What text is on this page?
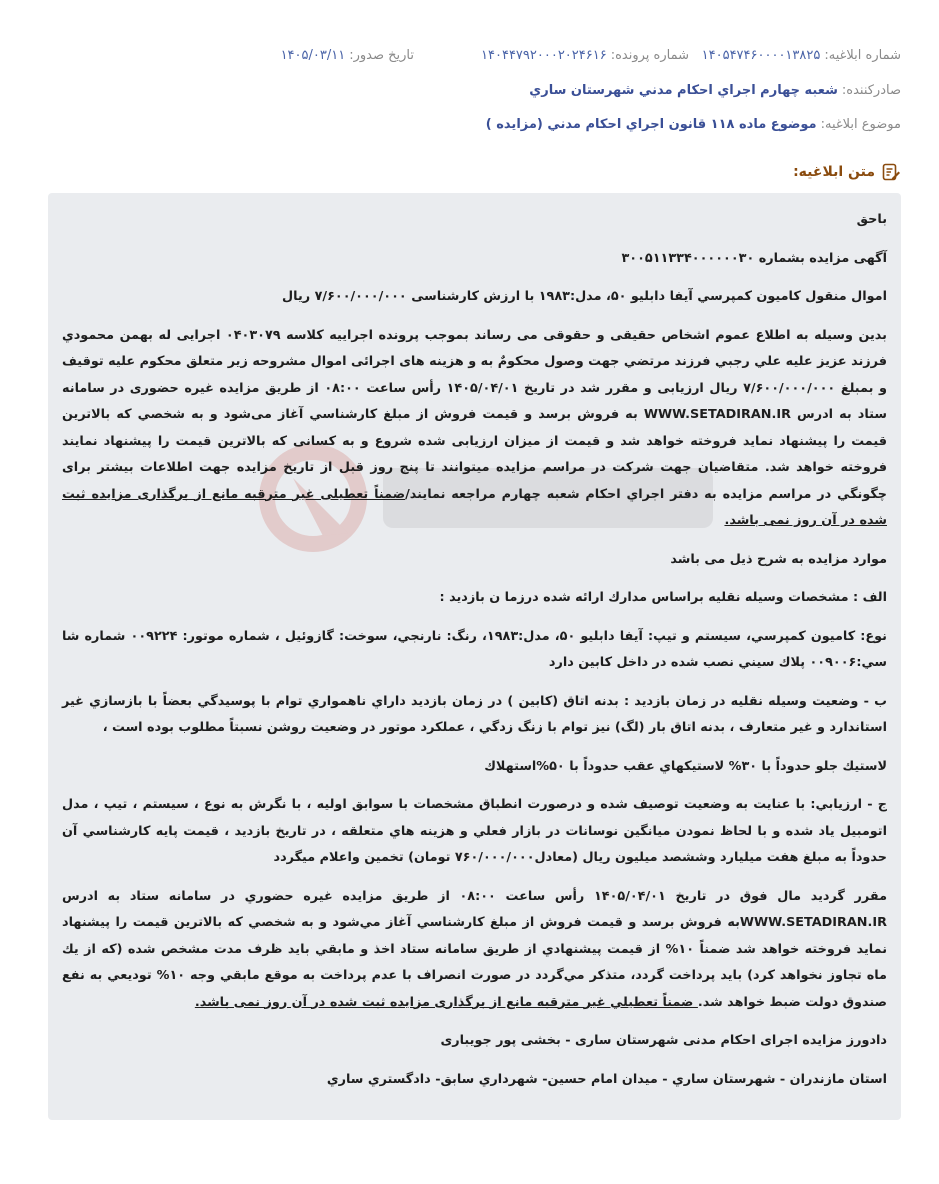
شماره ابلاغیه:
۱۴۰۵۴۷۴۶۰۰۰۰۱۳۸۲۵
شماره پرونده:
۱۴۰۴۴۷۹۲۰۰۰۲۰۲۴۶۱۶
تاریخ صدور:
۱۴۰۵/۰۳/۱۱
صادرکننده:
شعبه چهارم اجراي احكام مدني شهرستان ساري
موضوع ابلاغیه:
موضوع ماده ۱۱۸ قانون اجراي احكام مدني (مزايده )
متن ابلاغیه:

باحق

آگهی مزایده بشماره ۳۰۰۵۱۱۳۳۴۰۰۰۰۰۰۳۰

اموال منقول كاميون كمپرسي آيفا دابليو ۵۰، مدل:۱۹۸۳ با ارزش كارشناسی ۷/۶۰۰/۰۰۰/۰۰۰ ريال

بدين وسيله به اطلاع عموم اشخاص حقيقی و حقوقی می رساند بموجب پرونده اجرايیه كلاسه ۰۴۰۳۰۷۹ اجرايی له بهمن محمودي فرزند عزيز عليه علي رجبي فرزند مرتضي جهت وصول محكومٌ به و هزينه های اجرائی اموال مشروحه زير متعلق محكوم عليه توقيف و بمبلغ ۷/۶۰۰/۰۰۰/۰۰۰ ريال ارزيابی و مقرر شد در تاريخ ۱۴۰۵/۰۴/۰۱ رأس ساعت ۰۸:۰۰ از طريق مزايده غيره حضوری در سامانه ستاد به ادرس WWW.SETADIRAN.IR به فروش برسد و قيمت فروش از مبلغ كارشناسي آغاز می‌شود و به شخصي كه بالاترين قيمت را پيشنهاد نمايد فروخته خواهد شد و قيمت از ميزان ارزيابی شده شروع و به كسانی كه بالاترين قيمت را پيشنهاد نمايند فروخته خواهد شد. متقاضيان جهت شركت در مراسم مزايده ميتوانند تا پنج روز قبل از تاريخ مزايده جهت اطلاعات بيشتر برای چگونگي در مراسم مزايده به دفتر اجراي احكام شعبه چهارم مراجعه نمايند/ضمناً تعطيلی غير مترقبه مانع از برگذاری مزايده ثبت شده در آن روز نمی باشد.

موارد مزايده به شرح ذيل می باشد

الف : مشخصات وسيله نقليه براساس مدارك ارائه شده درزما ن بازديد :

نوع: كاميون كمپرسي، سيستم و تيپ: آيفا دابليو ۵۰، مدل:۱۹۸۳، رنگ: نارنجي، سوخت: گازوئيل ، شماره موتور: ۰۰۹۲۲۴ شماره شا سي:۰۰۹۰۰۶ پلاك سيني نصب شده در داخل كابين دارد

ب - وضعيت وسيله نقليه در زمان بازديد : بدنه اتاق (كابين ) در زمان بازديد داراي ناهمواري توام با پوسيدگي بعضاً با بازسازي غير استاندارد و غير متعارف ، بدنه اتاق بار (لگ) نيز توام با زنگ زدگي ، عملكرد موتور در وضعيت روشن نسبتاً مطلوب بوده است ،

لاستيك جلو حدوداً با ۳۰% لاستيكهاي عقب حدوداً با ۵۰%استهلاك

ج - ارزيابي: با عنايت به وضعيت توصيف شده و درصورت انطباق مشخصات با سوابق اوليه ، با نگرش به نوع ، سيستم ، تيپ ، مدل اتومبيل ياد شده و با لحاظ نمودن ميانگين نوسانات در بازار فعلي و هزينه هاي متعلقه ، در تاريخ بازديد ، قيمت پايه كارشناسي آن حدوداً به مبلغ هفت ميليارد وششصد ميليون ريال (معادل۷۶۰/۰۰۰/۰۰۰ تومان) تخمين واعلام ميگردد

مقرر گرديد مال فوق در تاريخ ۱۴۰۵/۰۴/۰۱ رأس ساعت ۰۸:۰۰ از طريق مزايده غيره حضوري در سامانه ستاد به ادرس WWW.SETADIRAN.IRبه فروش برسد و قيمت فروش از مبلغ كارشناسي آغاز مي‌شود و به شخصي كه بالاترين قيمت را پيشنهاد نمايد فروخته خواهد شد ضمناً ۱۰% از قيمت پيشنهادي از طريق سامانه ستاد اخذ و مابقي بايد ظرف مدت مشخص شده (كه از يك ماه تجاوز نخواهد كرد) بايد پرداخت گردد، متذكر مي‌گردد در صورت انصراف با عدم پرداخت به موقع مابقي وجه ۱۰% توديعي به نفع صندوق دولت ضبط خواهد شد. ضمناً تعطيلي غير مترقبه مانع از برگذاری مزايده ثبت شده در آن روز نمی باشد.

دادورز مزايده اجرای احكام مدنی شهرستان ساری - بخشی پور جويباری

استان مازندران - شهرستان ساري - ميدان امام حسين- شهرداري سابق- دادگستري ساري
